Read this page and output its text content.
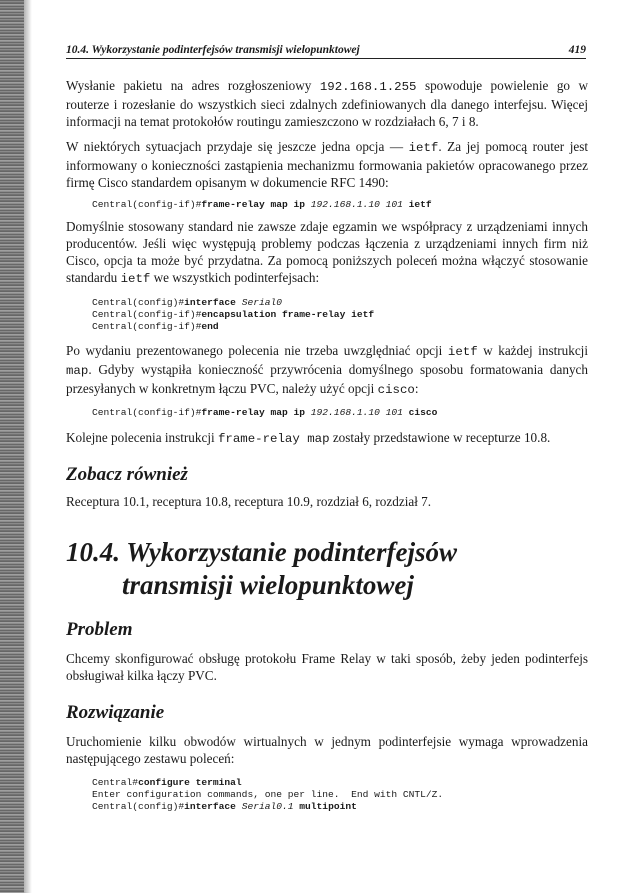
10.4. Wykorzystanie podinterfejsów transmisji wielopunktowej	419

Wysłanie pakietu na adres rozgłoszeniowy 192.168.1.255 spowoduje powielenie go w routerze i rozesłanie do wszystkich sieci zdalnych zdefiniowanych dla danego interfejsu. Więcej informacji na temat protokołów routingu zamieszczono w rozdziałach 6, 7 i 8.

W niektórych sytuacjach przydaje się jeszcze jedna opcja — ietf. Za jej pomocą router jest informowany o konieczności zastąpienia mechanizmu formowania pakietów opracowanego przez firmę Cisco standardem opisanym w dokumencie RFC 1490:

Central(config-if)#frame-relay map ip 192.168.1.10 101 ietf

Domyślnie stosowany standard nie zawsze zdaje egzamin we współpracy z urządzeniami innych producentów. Jeśli więc występują problemy podczas łączenia z urządzeniami innych firm niż Cisco, opcja ta może być przydatna. Za pomocą poniższych poleceń można włączyć stosowanie standardu ietf we wszystkich podinterfejsach:

Central(config)#interface Serial0
Central(config-if)#encapsulation frame-relay ietf
Central(config-if)#end

Po wydaniu prezentowanego polecenia nie trzeba uwzględniać opcji ietf w każdej instrukcji map. Gdyby wystąpiła konieczność przywrócenia domyślnego sposobu formatowania danych przesyłanych w konkretnym łączu PVC, należy użyć opcji cisco:

Central(config-if)#frame-relay map ip 192.168.1.10 101 cisco

Kolejne polecenia instrukcji frame-relay map zostały przedstawione w recepturze 10.8.

Zobacz również

Receptura 10.1, receptura 10.8, receptura 10.9, rozdział 6, rozdział 7.

10.4. Wykorzystanie podinterfejsów
transmisji wielopunktowej
Problem

Chcemy skonfigurować obsługę protokołu Frame Relay w taki sposób, żeby jeden podinterfejs obsługiwał kilka łączy PVC.

Rozwiązanie

Uruchomienie kilku obwodów wirtualnych w jednym podinterfejsie wymaga wprowadzenia następującego zestawu poleceń:

Central#configure terminal
Enter configuration commands, one per line.  End with CNTL/Z.
Central(config)#interface Serial0.1 multipoint
